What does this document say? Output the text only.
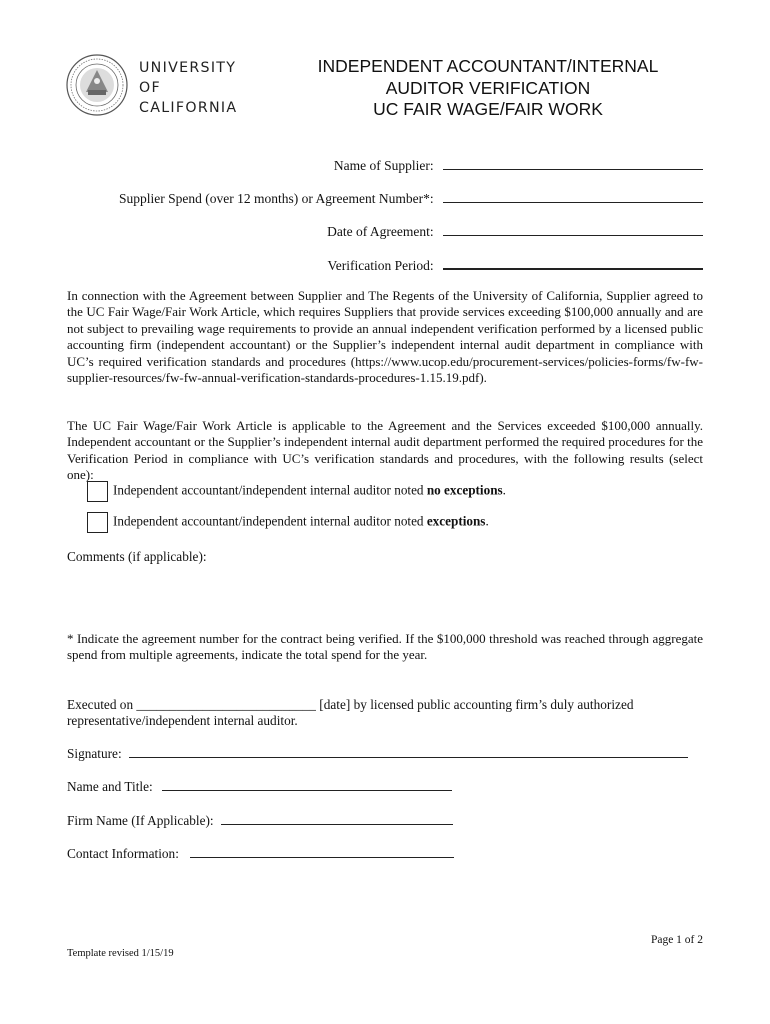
UNIVERSITY
OF
CALIFORNIA
INDEPENDENT ACCOUNTANT/INTERNAL
AUDITOR VERIFICATION
UC FAIR WAGE/FAIR WORK
Name of Supplier:
Supplier Spend (over 12 months) or Agreement Number*:
Date of Agreement:
Verification Period:
In connection with the Agreement between Supplier and The Regents of the University of California, Supplier agreed to the UC Fair Wage/Fair Work Article, which requires Suppliers that provide services exceeding $100,000 annually and are not subject to prevailing wage requirements to provide an annual independent verification performed by a licensed public accounting firm (independent accountant) or the Supplier’s independent internal audit department in compliance with UC’s required verification standards and procedures (https://www.ucop.edu/procurement-services/policies-forms/fw-fw-supplier-resources/fw-fw-annual-verification-standards-procedures-1.15.19.pdf).
The UC Fair Wage/Fair Work Article is applicable to the Agreement and the Services exceeded $100,000 annually. Independent accountant or the Supplier’s independent internal audit department performed the required procedures for the Verification Period in compliance with UC’s verification standards and procedures, with the following results (select one):
Independent accountant/independent internal auditor noted no exceptions.
Independent accountant/independent internal auditor noted exceptions.
Comments (if applicable):
* Indicate the agreement number for the contract being verified. If the $100,000 threshold was reached through aggregate spend from multiple agreements, indicate the total spend for the year.
Executed on ___________________________ [date] by licensed public accounting firm’s duly authorized
representative/independent internal auditor.
Signature:
Name and Title:
Firm Name (If Applicable):
Contact Information:
Page 1 of 2
Template revised 1/15/19
